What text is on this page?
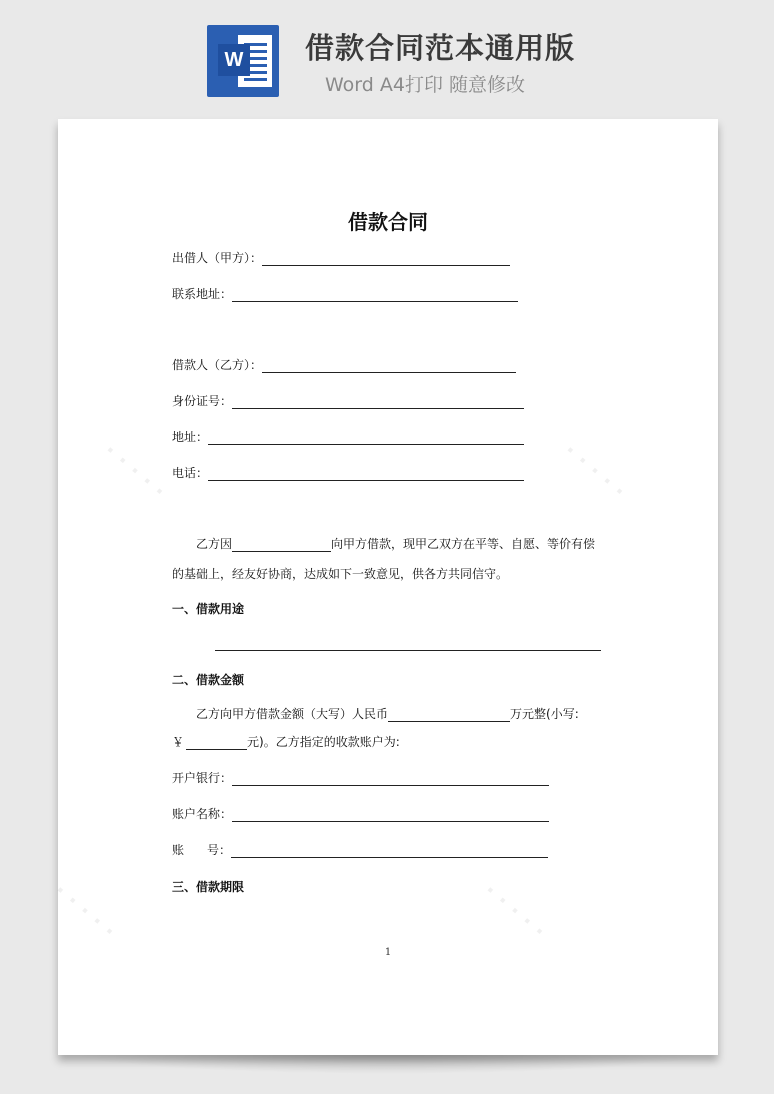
W 借款合同范本通用版
Word A4打印 随意修改
· · · · ·	· · · · ·
· · · · ·	· · · · ·
借款合同
出借人（甲方）：
联系地址：
借款人（乙方）：
身份证号：
地址：
电话：
乙方因	向甲方借款，现甲乙双方在平等、自愿、等价有偿
的基础上，经友好协商，达成如下一致意见，供各方共同信守。
一、借款用途
二、借款金额
乙方向甲方借款金额（大写）人民币	万元整(小写:
￥	元)。乙方指定的收款账户为:
开户银行：
账户名称：
账 号：
三、借款期限
1
